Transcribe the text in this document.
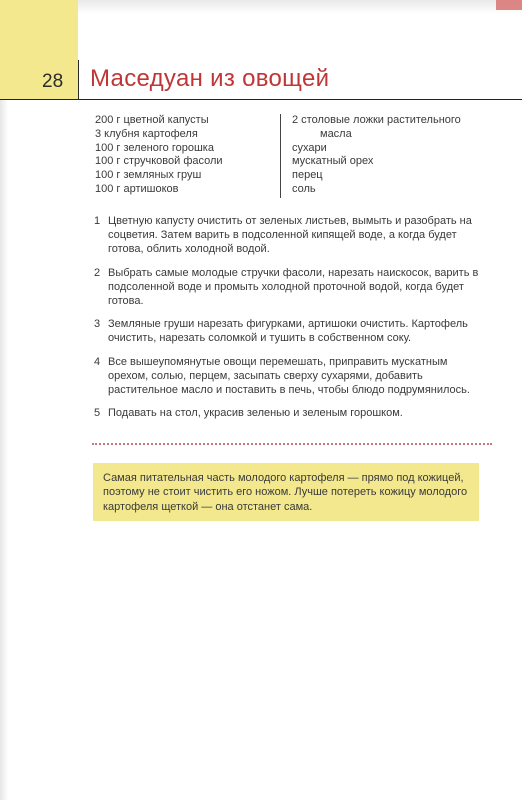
28	Маседуан из овощей
200 г цветной капусты
3 клубня картофеля
100 г зеленого горошка
100 г стручковой фасоли
100 г земляных груш
100 г артишоков
2 столовые ложки растительного
масла
сухари
мускатный орех
перец
соль
1 Цветную капусту очистить от зеленых листьев, вымыть и разобрать на соцветия. Затем варить в подсоленной кипящей воде, а когда будет готова, облить холодной водой.
2 Выбрать самые молодые стручки фасоли, нарезать наискосок, варить в подсоленной воде и промыть холодной проточной водой, когда будет готова.
3 Земляные груши нарезать фигурками, артишоки очистить. Картофель очистить, нарезать соломкой и тушить в собственном соку.
4 Все вышеупомянутые овощи перемешать, приправить мускатным орехом, солью, перцем, засыпать сверху сухарями, добавить растительное масло и поставить в печь, чтобы блюдо подрумянилось.
5 Подавать на стол, украсив зеленью и зеленым горошком.
Самая питательная часть молодого картофеля — прямо под кожицей, поэтому не стоит чистить его ножом. Лучше потереть кожицу молодого картофеля щеткой — она отстанет сама.
